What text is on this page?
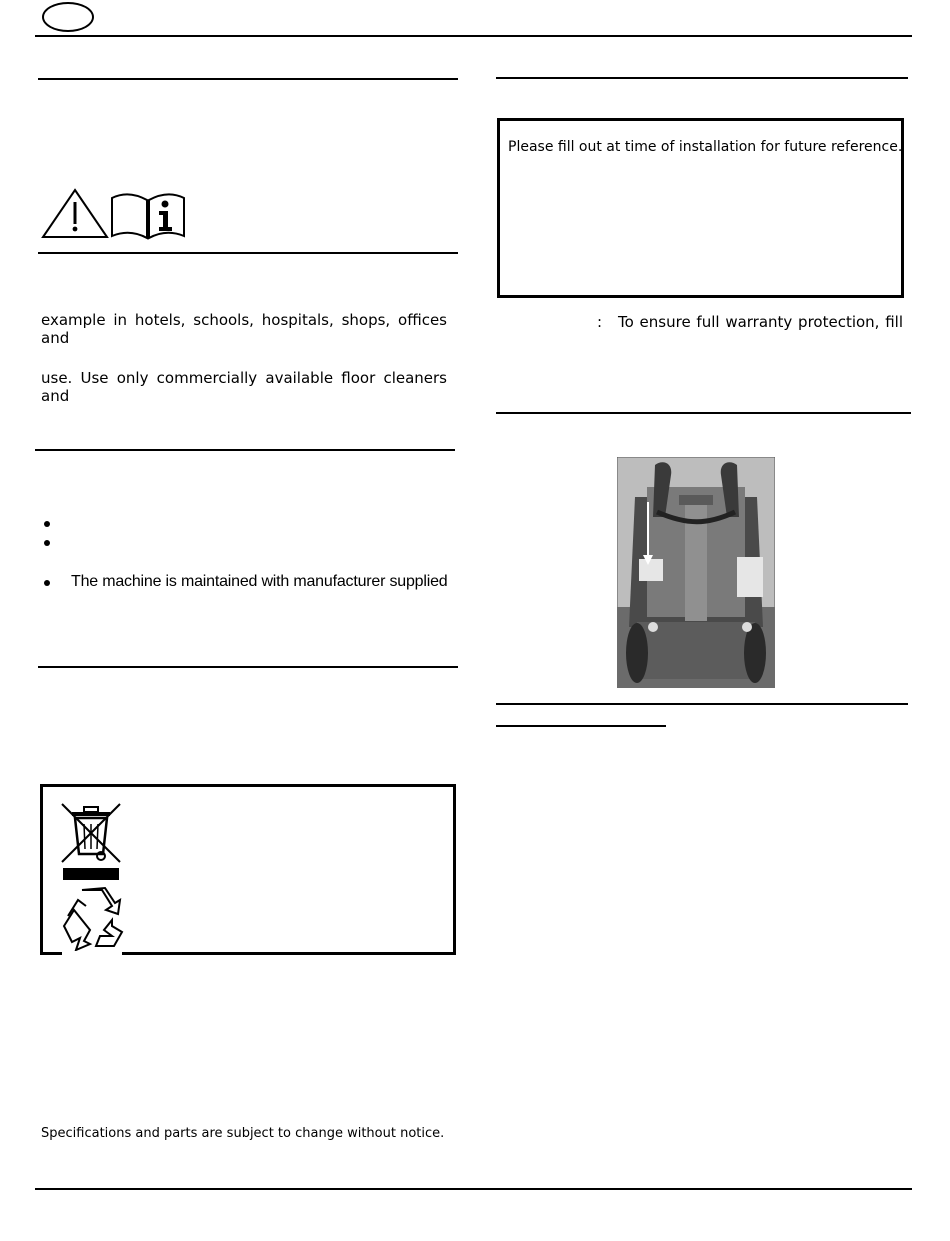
example in hotels, schools, hospitals, shops, offices and
use. Use only commercially available floor cleaners and
The machine is maintained with manufacturer supplied
Specifications and parts are subject to change without notice.
Please fill out at time of installation for future reference.
: To ensure full warranty protection, fill
